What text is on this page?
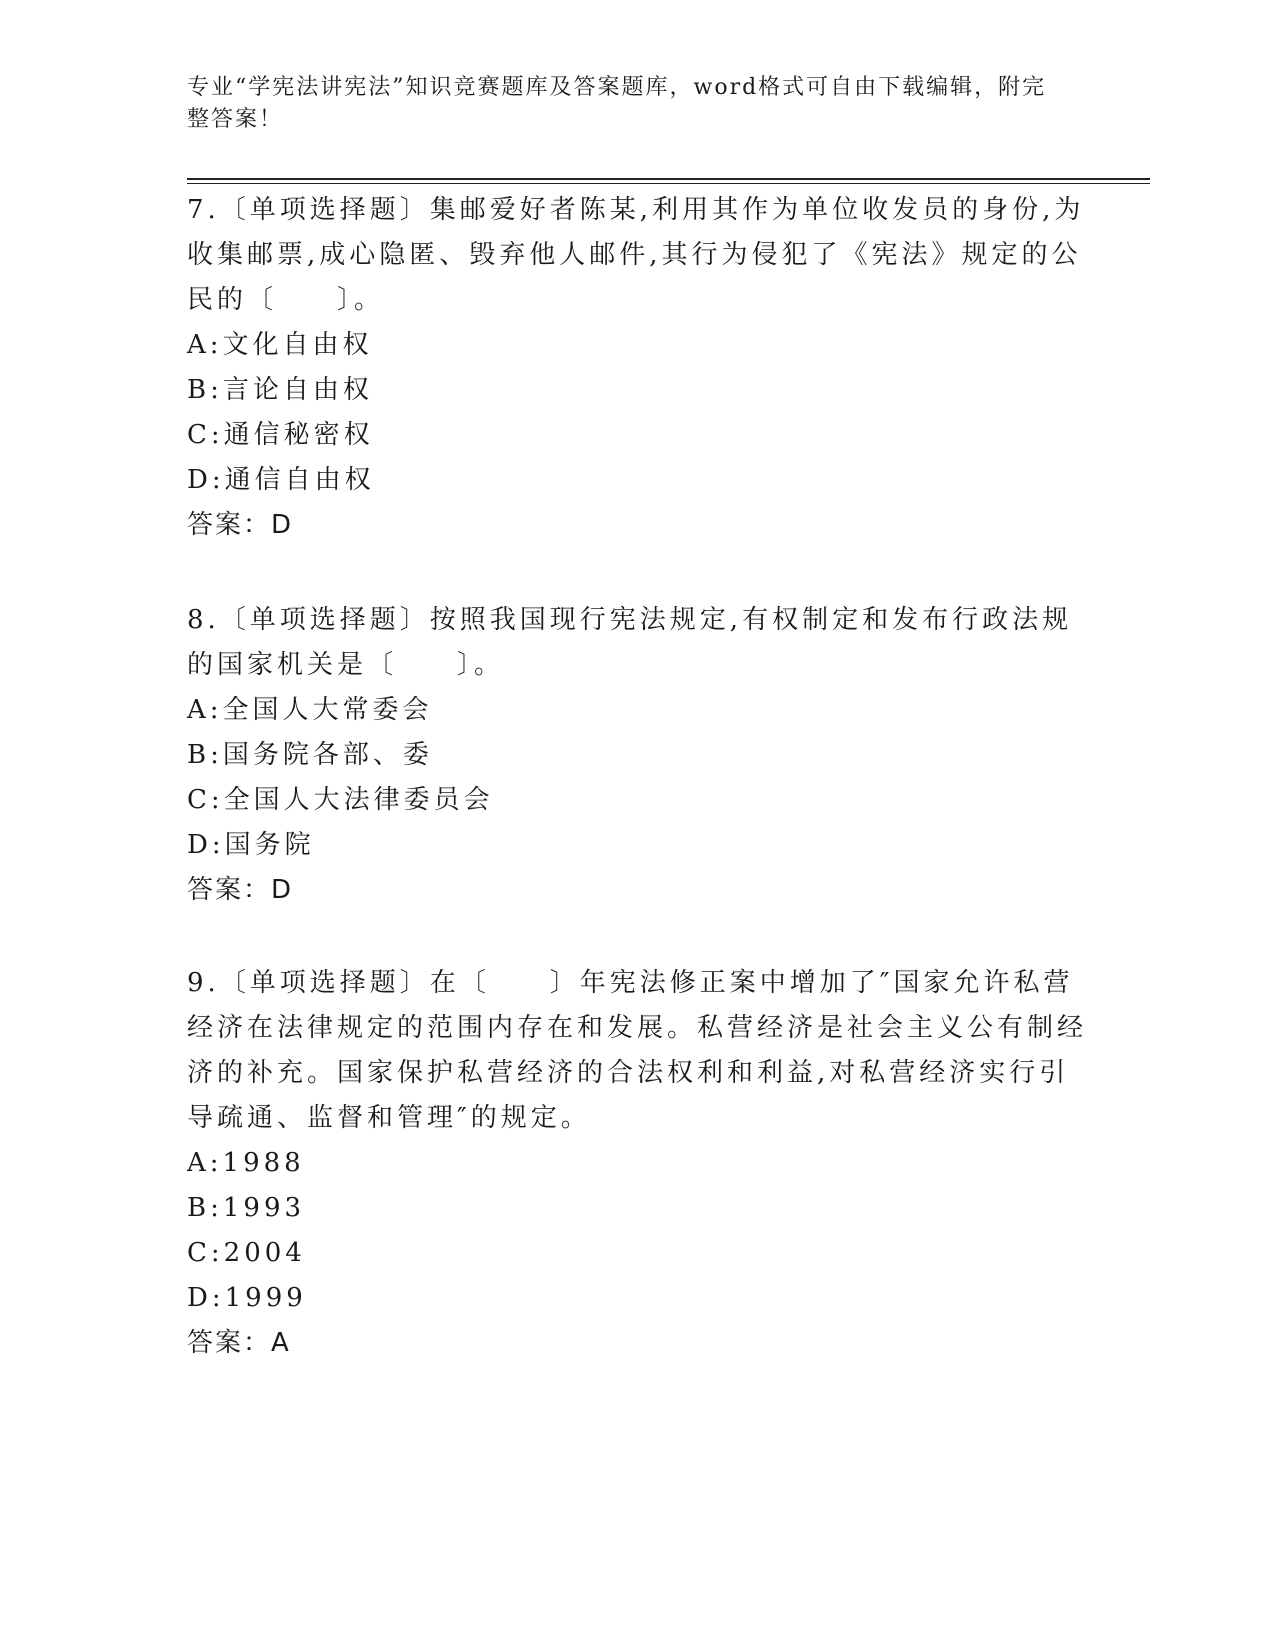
专业“学宪法讲宪法”知识竞赛题库及答案题库，word格式可自由下载编辑，附完整答案！

7.〔单项选择题〕集邮爱好者陈某,利用其作为单位收发员的身份,为收集邮票,成心隐匿、毁弃他人邮件,其行为侵犯了《宪法》规定的公民的〔　　〕。

A:文化自由权

B:言论自由权

C:通信秘密权

D:通信自由权

答案：D

8.〔单项选择题〕按照我国现行宪法规定,有权制定和发布行政法规的国家机关是〔　　〕。

A:全国人大常委会

B:国务院各部、委

C:全国人大法律委员会

D:国务院

答案：D

9.〔单项选择题〕在〔　　〕年宪法修正案中增加了″国家允许私营经济在法律规定的范围内存在和发展。私营经济是社会主义公有制经济的补充。国家保护私营经济的合法权利和利益,对私营经济实行引导疏通、监督和管理″的规定。

A:1988

B:1993

C:2004

D:1999

答案：A
